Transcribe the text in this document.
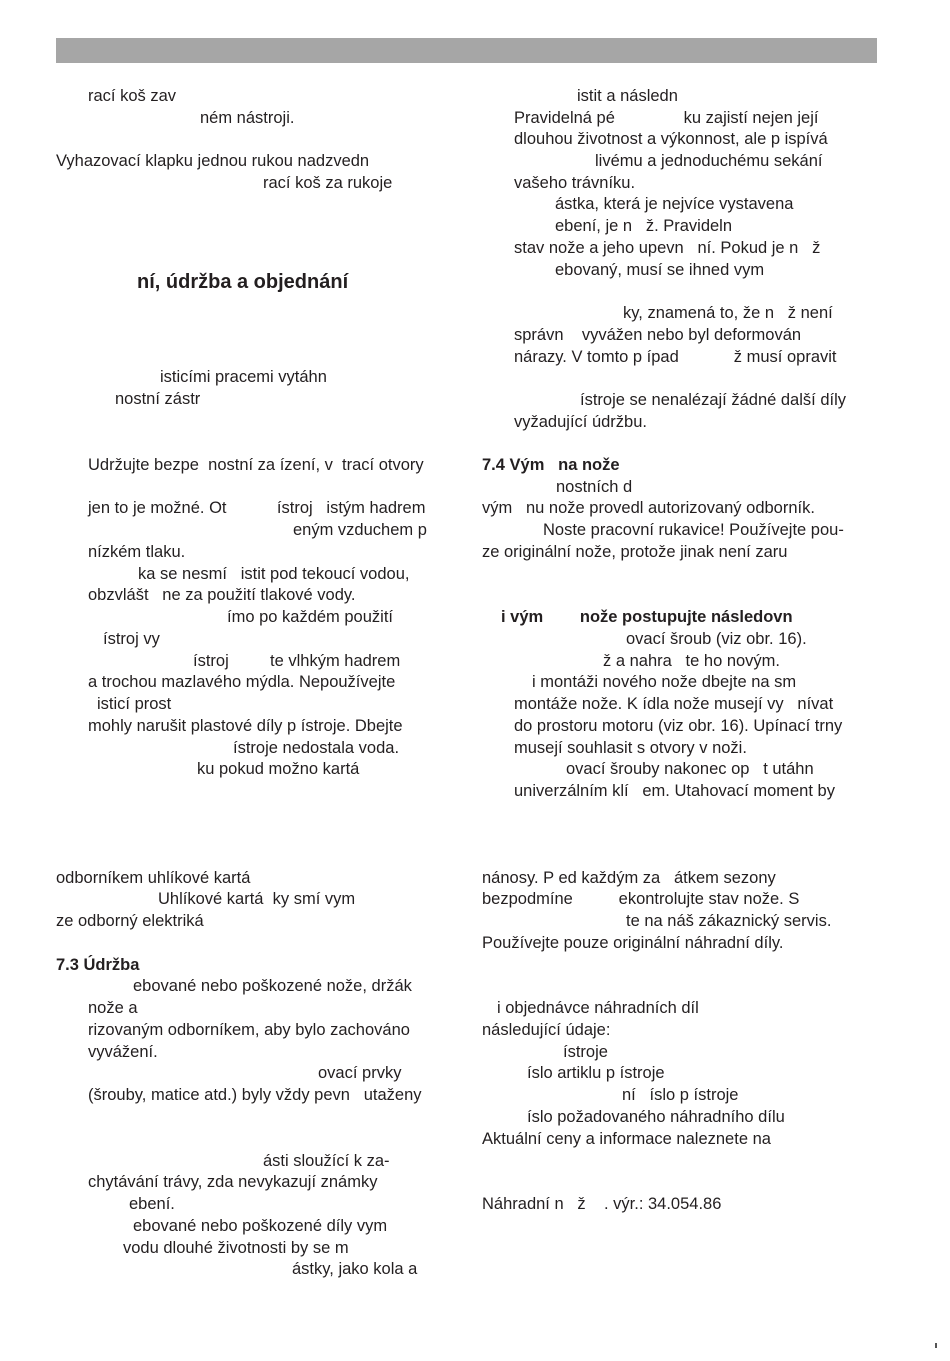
rací koš zav
ném nástroji.
Vyhazovací klapku jednou rukou nadzvedn
rací koš za rukoje
ní, údržba a objednání
isticími pracemi vytáhn
nostní zástr
Udržujte bezpe  nostní za ízení, v  trací otvory
jen to je možné. Ot           ístroj   istým hadrem
eným vzduchem p
nízkém tlaku.
ka se nesmí   istit pod tekoucí vodou,
obzvlášt   ne za použití tlakové vody.
ímo po každém použití
ístroj vy
ístroj         te vlhkým hadrem
a trochou mazlavého mýdla. Nepoužívejte
isticí prost
mohly narušit plastové díly p ístroje. Dbejte
ístroje nedostala voda.
ku pokud možno kartá
odborníkem uhlíkové kartá
Uhlíkové kartá  ky smí vym
ze odborný elektriká
7.3 Údržba
ebované nebo poškozené nože, držák
nože a
rizovaným odborníkem, aby bylo zachováno
vyvážení.
ovací prvky
(šrouby, matice atd.) byly vždy pevn   utaženy
ásti sloužící k za-
chytávání trávy, zda nevykazují známky
ebení.
ebované nebo poškozené díly vym
vodu dlouhé životnosti by se m
ástky, jako kola a
istit a následn
Pravidelná pé               ku zajistí nejen její
dlouhou životnost a výkonnost, ale p ispívá
livému a jednoduchému sekání
vašeho trávníku.
ástka, která je nejvíce vystavena
ebení, je n   ž. Pravideln
stav nože a jeho upevn   ní. Pokud je n   ž
ebovaný, musí se ihned vym
ky, znamená to, že n   ž není
správn    vyvážen nebo byl deformován
nárazy. V tomto p ípad            ž musí opravit
ístroje se nenalézají žádné další díly
vyžadující údržbu.
7.4 Vým   na nože
nostních d
vým   nu nože provedl autorizovaný odborník.
Noste pracovní rukavice! Používejte pou-
ze originální nože, protože jinak není zaru
i vým        nože postupujte následovn
ovací šroub (viz obr. 16).
ž a nahra   te ho novým.
i montáži nového nože dbejte na sm
montáže nože. K ídla nože musejí vy   nívat
do prostoru motoru (viz obr. 16). Upínací trny
musejí souhlasit s otvory v noži.
ovací šrouby nakonec op   t utáhn
univerzálním klí   em. Utahovací moment by
nánosy. P ed každým za   átkem sezony
bezpodmíne          ekontrolujte stav nože. S
te na náš zákaznický servis.
Používejte pouze originální náhradní díly.
i objednávce náhradních díl
následující údaje:
ístroje
íslo artiklu p ístroje
ní   íslo p ístroje
íslo požadovaného náhradního dílu
Aktuální ceny a informace naleznete na
Náhradní n   ž    . výr.: 34.054.86
